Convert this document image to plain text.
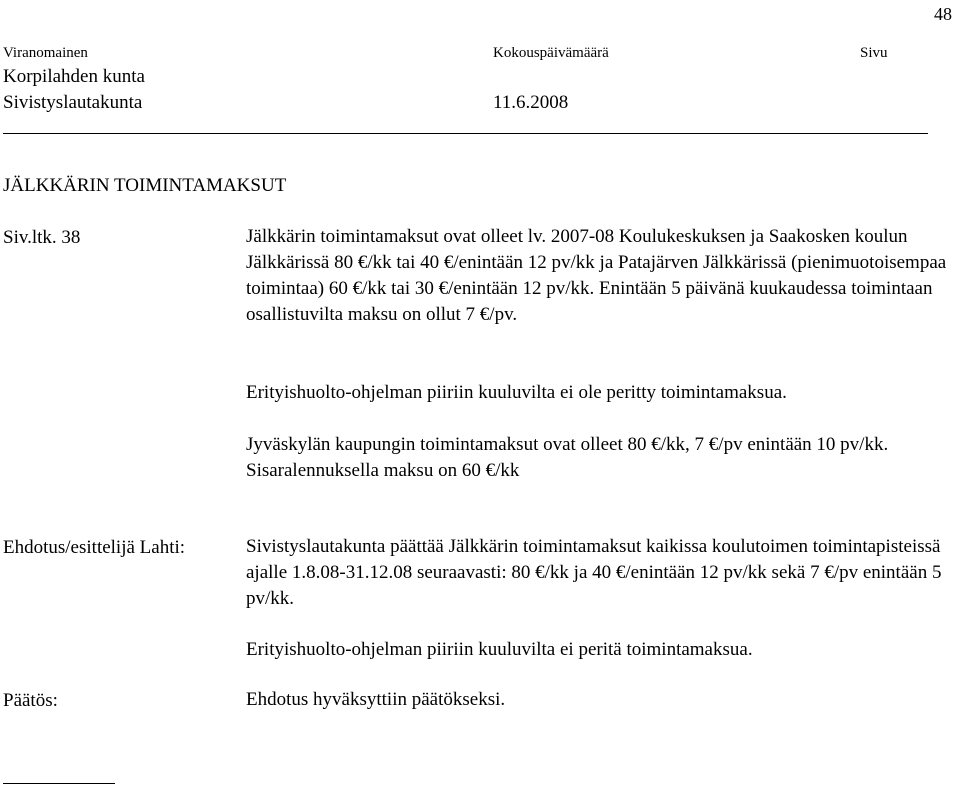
48
Viranomainen	Kokouspäivämäärä	Sivu
Korpilahden kunta
Sivistyslautakunta	11.6.2008
JÄLKKÄRIN TOIMINTAMAKSUT
Siv.ltk. 38	Jälkkärin toimintamaksut ovat olleet lv. 2007-08 Koulukeskuksen ja Saakosken koulun Jälkkärissä 80 €/kk tai 40 €/enintään 12 pv/kk ja Patajärven Jälkkärissä (pienimuotoisempaa toimintaa) 60 €/kk tai 30 €/enintään 12 pv/kk. Enintään 5 päivänä kuukaudessa toimintaan osallistuvilta maksu on ollut 7 €/pv.
Erityishuolto-ohjelman piiriin kuuluvilta ei ole peritty toimintamaksua.
Jyväskylän kaupungin toimintamaksut ovat olleet 80 €/kk, 7 €/pv enintään 10 pv/kk. Sisaralennuksella maksu on 60 €/kk
Ehdotus/esittelijä Lahti:	Sivistyslautakunta päättää Jälkkärin toimintamaksut kaikissa koulutoimen toimintapisteissä ajalle 1.8.08-31.12.08 seuraavasti: 80 €/kk ja 40 €/enintään 12 pv/kk sekä 7 €/pv enintään 5 pv/kk.
Erityishuolto-ohjelman piiriin kuuluvilta ei peritä toimintamaksua.
Päätös:	Ehdotus hyväksyttiin päätökseksi.
